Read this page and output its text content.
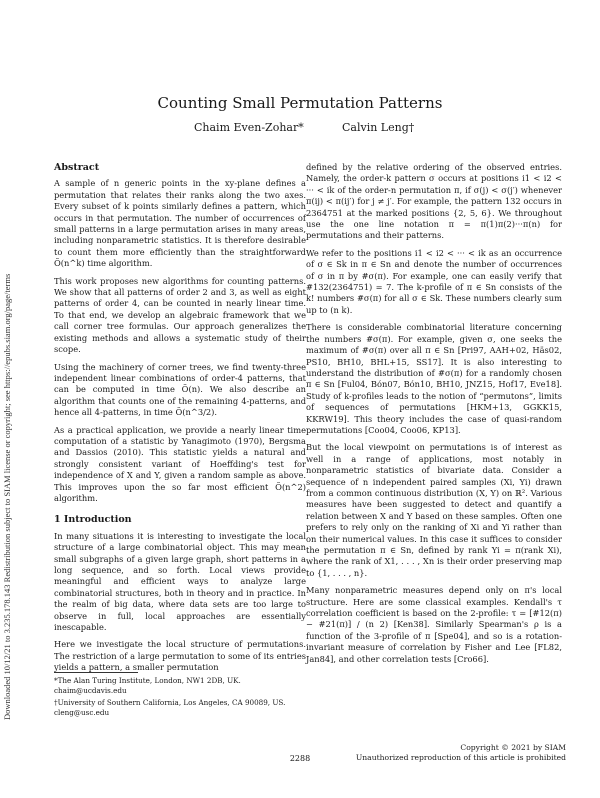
Downloaded 10/12/21 to 3.235.178.143 Redistribution subject to SIAM license or copyright; see https://epubs.siam.org/page/terms
Counting Small Permutation Patterns
Chaim Even-Zohar*	Calvin Leng†
Abstract

A sample of n generic points in the xy-plane defines a permutation that relates their ranks along the two axes. Every subset of k points similarly defines a pattern, which occurs in that permutation. The number of occurrences of small patterns in a large permutation arises in many areas, including nonparametric statistics. It is therefore desirable to count them more efficiently than the straightforward Õ(n^k) time algorithm.

This work proposes new algorithms for counting patterns. We show that all patterns of order 2 and 3, as well as eight patterns of order 4, can be counted in nearly linear time. To that end, we develop an algebraic framework that we call corner tree formulas. Our approach generalizes the existing methods and allows a systematic study of their scope.

Using the machinery of corner trees, we find twenty-three independent linear combinations of order-4 patterns, that can be computed in time Õ(n). We also describe an algorithm that counts one of the remaining 4-patterns, and hence all 4-patterns, in time Õ(n^3/2).

As a practical application, we provide a nearly linear time computation of a statistic by Yanagimoto (1970), Bergsma and Dassios (2010). This statistic yields a natural and strongly consistent variant of Hoeffding's test for independence of X and Y, given a random sample as above. This improves upon the so far most efficient Õ(n^2) algorithm.

1 Introduction

In many situations it is interesting to investigate the local structure of a large combinatorial object. This may mean small subgraphs of a given large graph, short patterns in a long sequence, and so forth. Local views provide meaningful and efficient ways to analyze large combinatorial structures, both in theory and in practice. In the realm of big data, where data sets are too large to observe in full, local approaches are essentially inescapable.

Here we investigate the local structure of permutations. The restriction of a large permutation to some of its entries yields a pattern, a smaller permutation

*The Alan Turing Institute, London, NW1 2DB, UK. chaim@ucdavis.edu

†University of Southern California, Los Angeles, CA 90089, US. cleng@usc.edu

defined by the relative ordering of the observed entries. Namely, the order-k pattern σ occurs at positions i1 < i2 < ··· < ik of the order-n permutation π, if σ(j) < σ(j′) whenever π(ij) < π(ij′) for j ≠ j′. For example, the pattern 132 occurs in 2364751 at the marked positions {2, 5, 6}. We throughout use the one line notation π = π(1)π(2)···π(n) for permutations and their patterns.

We refer to the positions i1 < i2 < ··· < ik as an occurrence of σ ∈ Sk in π ∈ Sn and denote the number of occurrences of σ in π by #σ(π). For example, one can easily verify that #132(2364751) = 7. The k-profile of π ∈ Sn consists of the k! numbers #σ(π) for all σ ∈ Sk. These numbers clearly sum up to (n k).

There is considerable combinatorial literature concerning the numbers #σ(π). For example, given σ, one seeks the maximum of #σ(π) over all π ∈ Sn [Pri97, AAH+02, Häs02, PS10, BH10, BHL+15, SS17]. It is also interesting to understand the distribution of #σ(π) for a randomly chosen π ∈ Sn [Ful04, Bón07, Bón10, BH10, JNZ15, Hof17, Eve18]. Study of k-profiles leads to the notion of “permutons”, limits of sequences of permutations [HKM+13, GGKK15, KKRW19]. This theory includes the case of quasi-random permutations [Coo04, Coo06, KP13].

But the local viewpoint on permutations is of interest as well in a range of applications, most notably in nonparametric statistics of bivariate data. Consider a sequence of n independent paired samples (Xi, Yi) drawn from a common continuous distribution (X, Y) on ℝ². Various measures have been suggested to detect and quantify a relation between X and Y based on these samples. Often one prefers to rely only on the ranking of Xi and Yi rather than on their numerical values. In this case it suffices to consider the permutation π ∈ Sn, defined by rank Yi = π(rank Xi), where the rank of X1, . . . , Xn is their order preserving map to {1, . . . , n}.

Many nonparametric measures depend only on π's local structure. Here are some classical examples. Kendall's τ correlation coefficient is based on the 2-profile: τ = [#12(π) − #21(π)] / (n 2) [Ken38]. Similarly Spearman's ρ is a function of the 3-profile of π [Spe04], and so is a rotation-invariant measure of correlation by Fisher and Lee [FL82, Jan84], and other correlation tests [Cro66].

Copyright © 2021 by SIAM
Unauthorized reproduction of this article is prohibited
2288
